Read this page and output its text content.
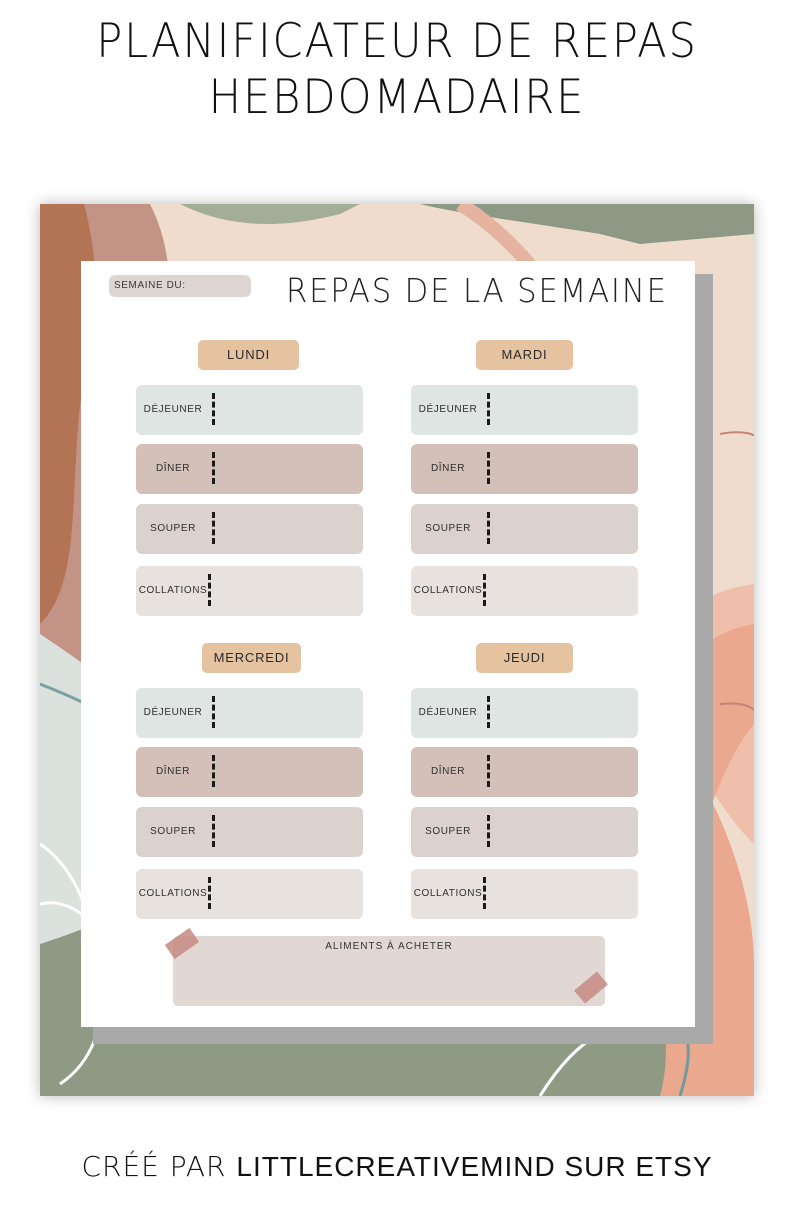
PLANIFICATEUR DE REPAS
HEBDOMADAIRE
SEMAINE DU:	REPAS DE LA SEMAINE
LUNDI
DÉJEUNER
DÎNER
SOUPER
COLLATIONS
MARDI
DÉJEUNER
DÎNER
SOUPER
COLLATIONS
MERCREDI
DÉJEUNER
DÎNER
SOUPER
COLLATIONS
JEUDI
DÉJEUNER
DÎNER
SOUPER
COLLATIONS
ALIMENTS À ACHETER
CRÉÉ PAR LITTLECREATIVEMIND SUR ETSY
